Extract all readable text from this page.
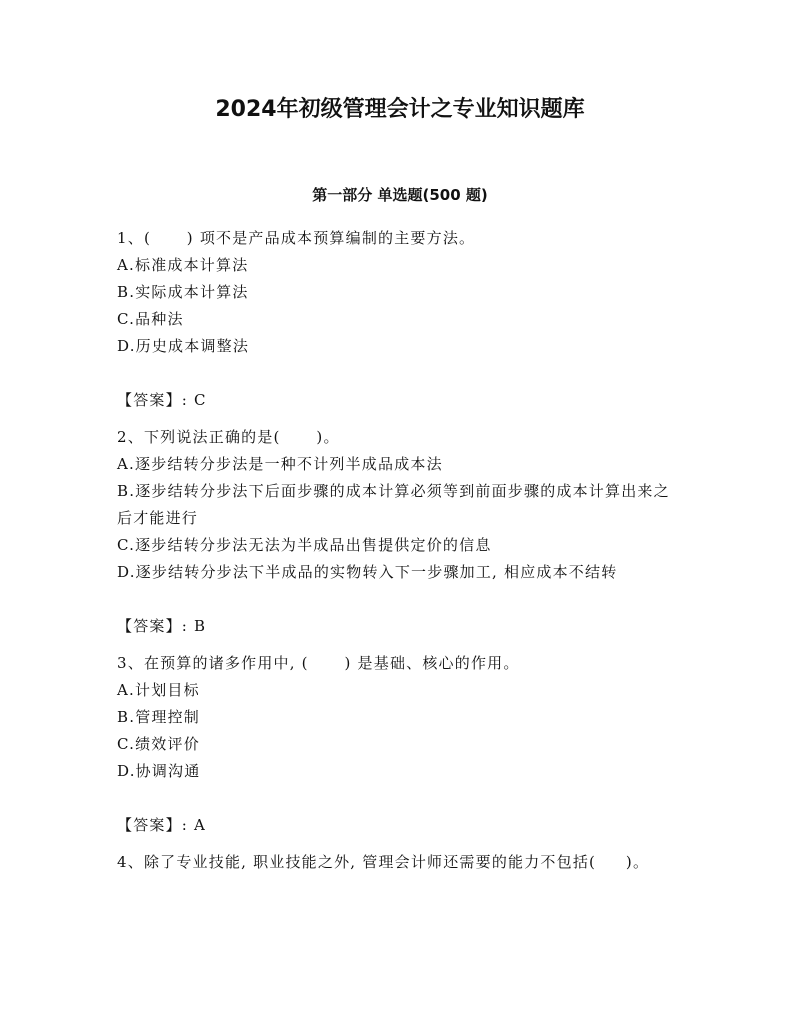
2024年初级管理会计之专业知识题库
第一部分 单选题(500 题)
1、(      ) 项不是产品成本预算编制的主要方法。
A.标准成本计算法
B.实际成本计算法
C.品种法
D.历史成本调整法
【答案】: C
2、下列说法正确的是(      )。
A.逐步结转分步法是一种不计列半成品成本法
B.逐步结转分步法下后面步骤的成本计算必须等到前面步骤的成本计算出来之后才能进行
C.逐步结转分步法无法为半成品出售提供定价的信息
D.逐步结转分步法下半成品的实物转入下一步骤加工, 相应成本不结转
【答案】: B
3、在预算的诸多作用中, (      ) 是基础、核心的作用。
A.计划目标
B.管理控制
C.绩效评价
D.协调沟通
【答案】: A
4、除了专业技能, 职业技能之外, 管理会计师还需要的能力不包括(     )。
